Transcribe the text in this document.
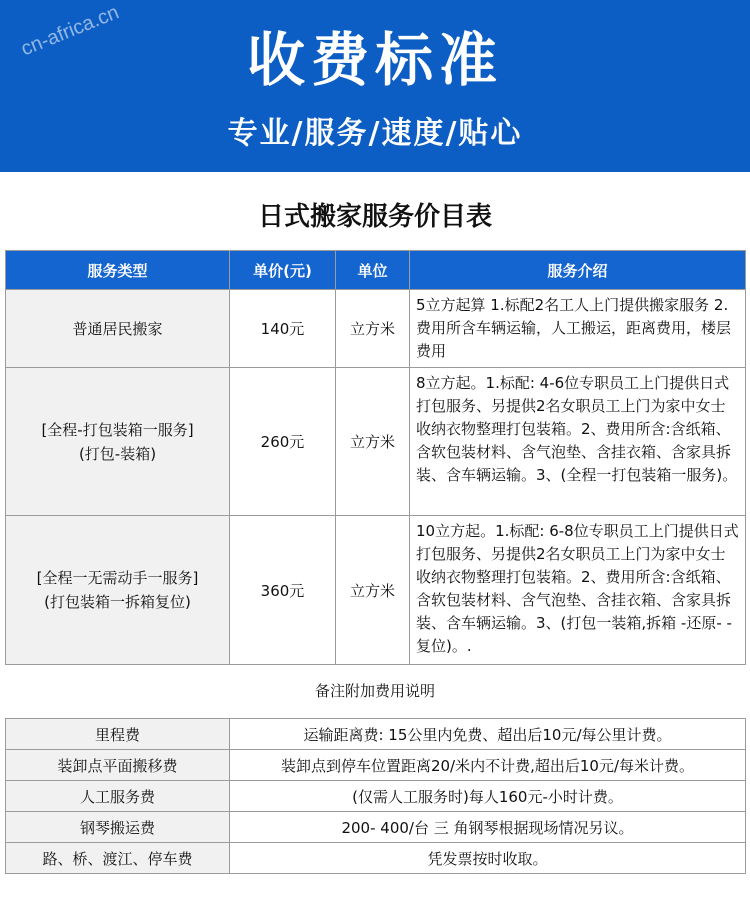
cn-africa.cn	收费标准
专业/服务/速度/贴心
日式搬家服务价目表
服务类型	单价(元)	单位	服务介绍

普通居民搬家	140元	立方米	5立方起算 1.标配2名工人上门提供搬家服务 2.费用所含车辆运输，人工搬运，距离费用，楼层费用

[全程-打包装箱一服务]
(打包-装箱)	260元	立方米	8立方起。1.标配: 4-6位专职员工上门提供日式打包服务、另提供2名女职员工上门为家中女士收纳衣物整理打包装箱。2、费用所含:含纸箱、含软包装材料、含气泡垫、含挂衣箱、含家具拆装、含车辆运输。3、(全程一打包装箱一服务)。

[全程一无需动手一服务]
(打包装箱一拆箱复位)	360元	立方米	10立方起。1.标配: 6-8位专职员工上门提供日式打包服务、另提供2名女职员工上门为家中女士收纳衣物整理打包装箱。2、费用所含:含纸箱、含软包装材料、含气泡垫、含挂衣箱、含家具拆装、含车辆运输。3、(打包一装箱,拆箱 -还原- -复位)。.
备注附加费用说明
里程费	运输距离费: 15公里内免费、超出后10元/每公里计费。
装卸点平面搬移费	装卸点到停车位置距离20/米内不计费,超出后10元/每米计费。
人工服务费	(仅需人工服务时)每人160元-小时计费。
钢琴搬运费	200- 400/台 三 角钢琴根据现场情况另议。
路、桥、渡江、停车费	凭发票按时收取。
